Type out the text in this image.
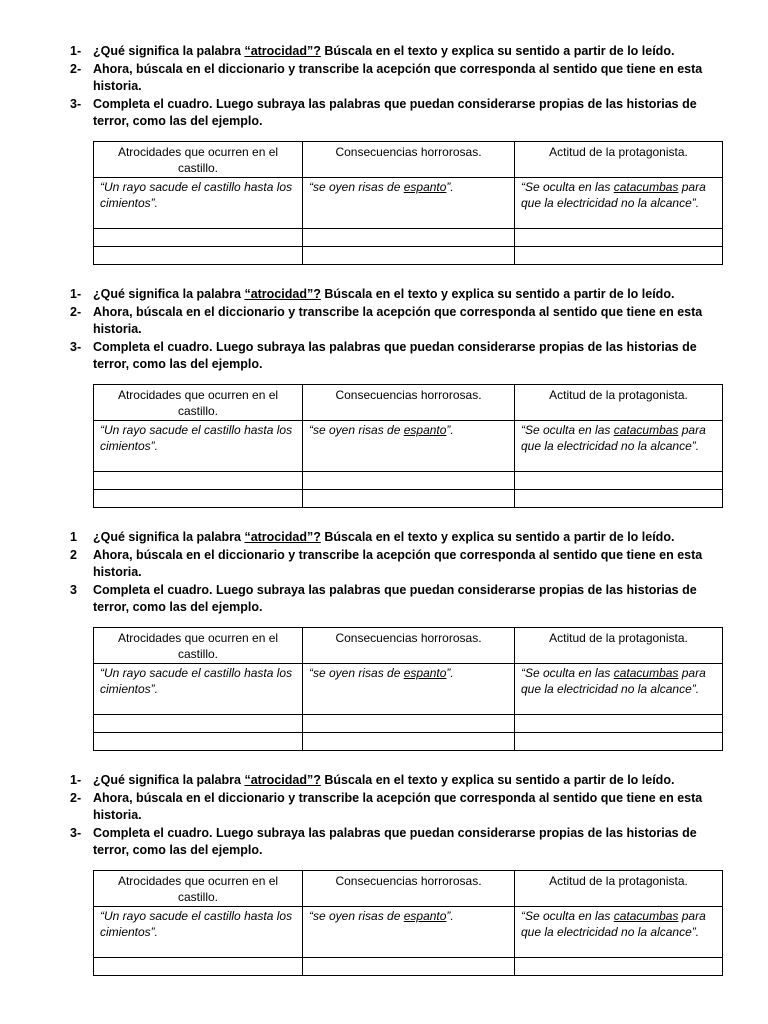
1- ¿Qué significa la palabra “atrocidad”? Búscala en el texto y explica su sentido a partir de lo leído.

2- Ahora, búscala en el diccionario y transcribe la acepción que corresponda al sentido que tiene en esta historia.

3- Completa el cuadro. Luego subraya las palabras que puedan considerarse propias de las historias de terror, como las del ejemplo.

Atrocidades que ocurren en el castillo.	Consecuencias horrorosas.	Actitud de la protagonista.
“Un rayo sacude el castillo hasta los cimientos”.	“se oyen risas de espanto”.	“Se oculta en las catacumbas para que la electricidad no la alcance”.

1- ¿Qué significa la palabra “atrocidad”? Búscala en el texto y explica su sentido a partir de lo leído.

2- Ahora, búscala en el diccionario y transcribe la acepción que corresponda al sentido que tiene en esta historia.

3- Completa el cuadro. Luego subraya las palabras que puedan considerarse propias de las historias de terror, como las del ejemplo.

Atrocidades que ocurren en el castillo.	Consecuencias horrorosas.	Actitud de la protagonista.
“Un rayo sacude el castillo hasta los cimientos”.	“se oyen risas de espanto”.	“Se oculta en las catacumbas para que la electricidad no la alcance”.

1 ¿Qué significa la palabra “atrocidad”? Búscala en el texto y explica su sentido a partir de lo leído.

2 Ahora, búscala en el diccionario y transcribe la acepción que corresponda al sentido que tiene en esta historia.

3 Completa el cuadro. Luego subraya las palabras que puedan considerarse propias de las historias de terror, como las del ejemplo.

Atrocidades que ocurren en el castillo.	Consecuencias horrorosas.	Actitud de la protagonista.
“Un rayo sacude el castillo hasta los cimientos”.	“se oyen risas de espanto”.	“Se oculta en las catacumbas para que la electricidad no la alcance”.

1- ¿Qué significa la palabra “atrocidad”? Búscala en el texto y explica su sentido a partir de lo leído.

2- Ahora, búscala en el diccionario y transcribe la acepción que corresponda al sentido que tiene en esta historia.

3- Completa el cuadro. Luego subraya las palabras que puedan considerarse propias de las historias de terror, como las del ejemplo.

Atrocidades que ocurren en el castillo.	Consecuencias horrorosas.	Actitud de la protagonista.
“Un rayo sacude el castillo hasta los cimientos”.	“se oyen risas de espanto”.	“Se oculta en las catacumbas para que la electricidad no la alcance”.
